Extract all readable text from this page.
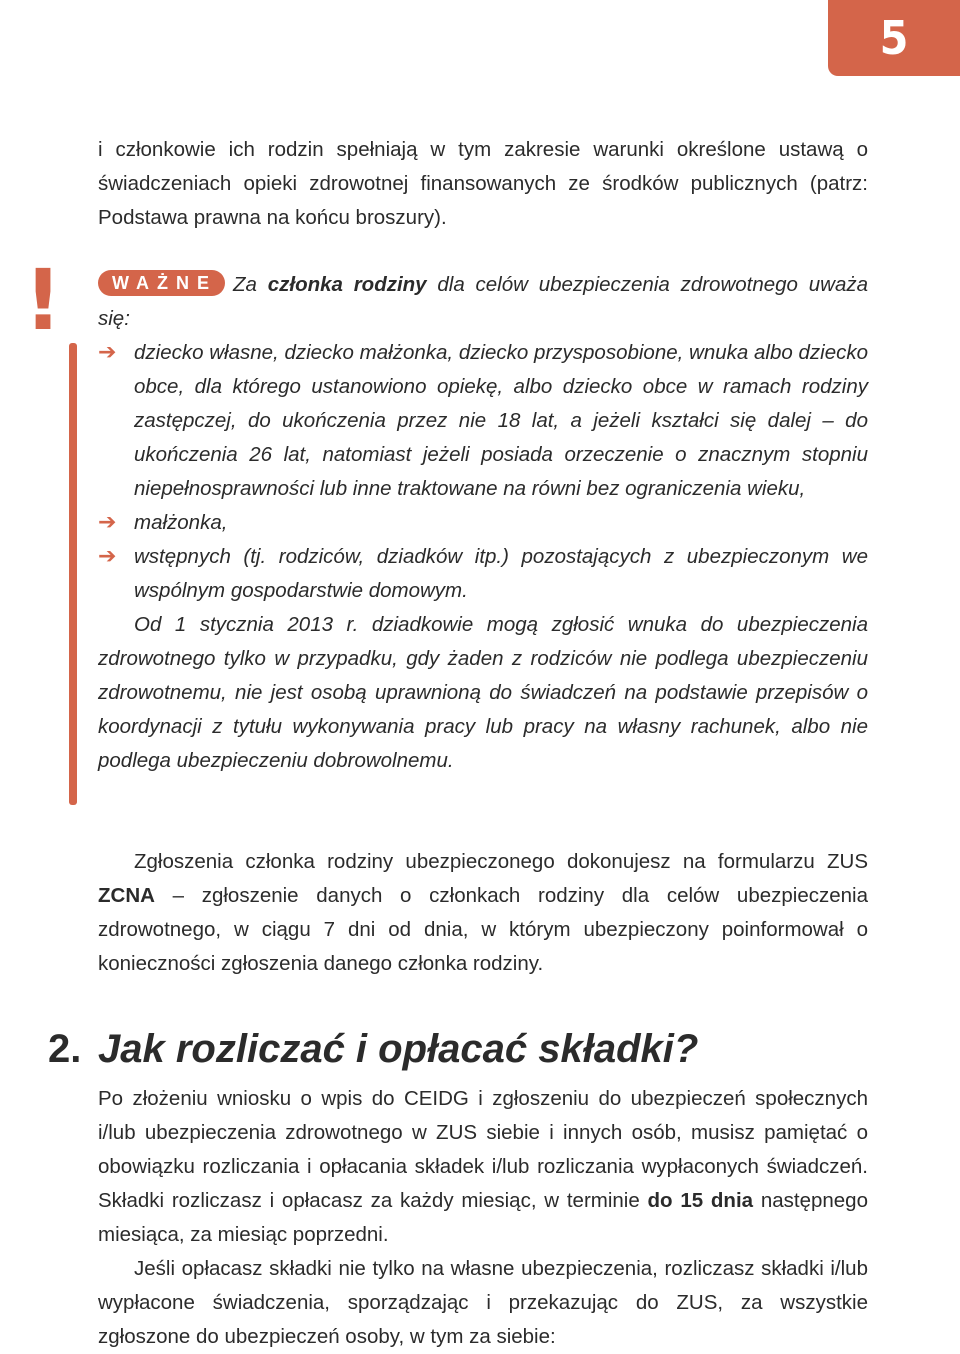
5

i członkowie ich rodzin spełniają w tym zakresie warunki określone ustawą o świadczeniach opieki zdrowotnej finansowanych ze środków publicznych (patrz: Podstawa prawna na końcu broszury).

!	WAŻNE Za członka rodziny dla celów ubezpieczenia zdrowotnego uważa się:
➔ dziecko własne, dziecko małżonka, dziecko przysposobione, wnuka albo dziecko obce, dla którego ustanowiono opiekę, albo dziecko obce w ramach rodziny zastępczej, do ukończenia przez nie 18 lat, a jeżeli kształci się dalej – do ukończenia 26 lat, natomiast jeżeli posiada orzeczenie o znacznym stopniu niepełnosprawności lub inne traktowane na równi bez ograniczenia wieku,
➔ małżonka,
➔ wstępnych (tj. rodziców, dziadków itp.) pozostających z ubezpieczonym we wspólnym gospodarstwie domowym.
Od 1 stycznia 2013 r. dziadkowie mogą zgłosić wnuka do ubezpieczenia zdrowotnego tylko w przypadku, gdy żaden z rodziców nie podlega ubezpieczeniu zdrowotnemu, nie jest osobą uprawnioną do świadczeń na podstawie przepisów o koordynacji z tytułu wykonywania pracy lub pracy na własny rachunek, albo nie podlega ubezpieczeniu dobrowolnemu.

Zgłoszenia członka rodziny ubezpieczonego dokonujesz na formularzu ZUS ZCNA – zgłoszenie danych o członkach rodziny dla celów ubezpieczenia zdrowotnego, w ciągu 7 dni od dnia, w którym ubezpieczony poinformował o konieczności zgłoszenia danego członka rodziny.

2. Jak rozliczać i opłacać składki?

Po złożeniu wniosku o wpis do CEIDG i zgłoszeniu do ubezpieczeń społecznych i/lub ubezpieczenia zdrowotnego w ZUS siebie i innych osób, musisz pamiętać o obowiązku rozliczania i opłacania składek i/lub rozliczania wypłaconych świadczeń. Składki rozliczasz i opłacasz za każdy miesiąc, w terminie do 15 dnia następnego miesiąca, za miesiąc poprzedni.

Jeśli opłacasz składki nie tylko na własne ubezpieczenia, rozliczasz składki i/lub wypłacone świadczenia, sporządzając i przekazując do ZUS, za wszystkie zgłoszone do ubezpieczeń osoby, w tym za siebie:
